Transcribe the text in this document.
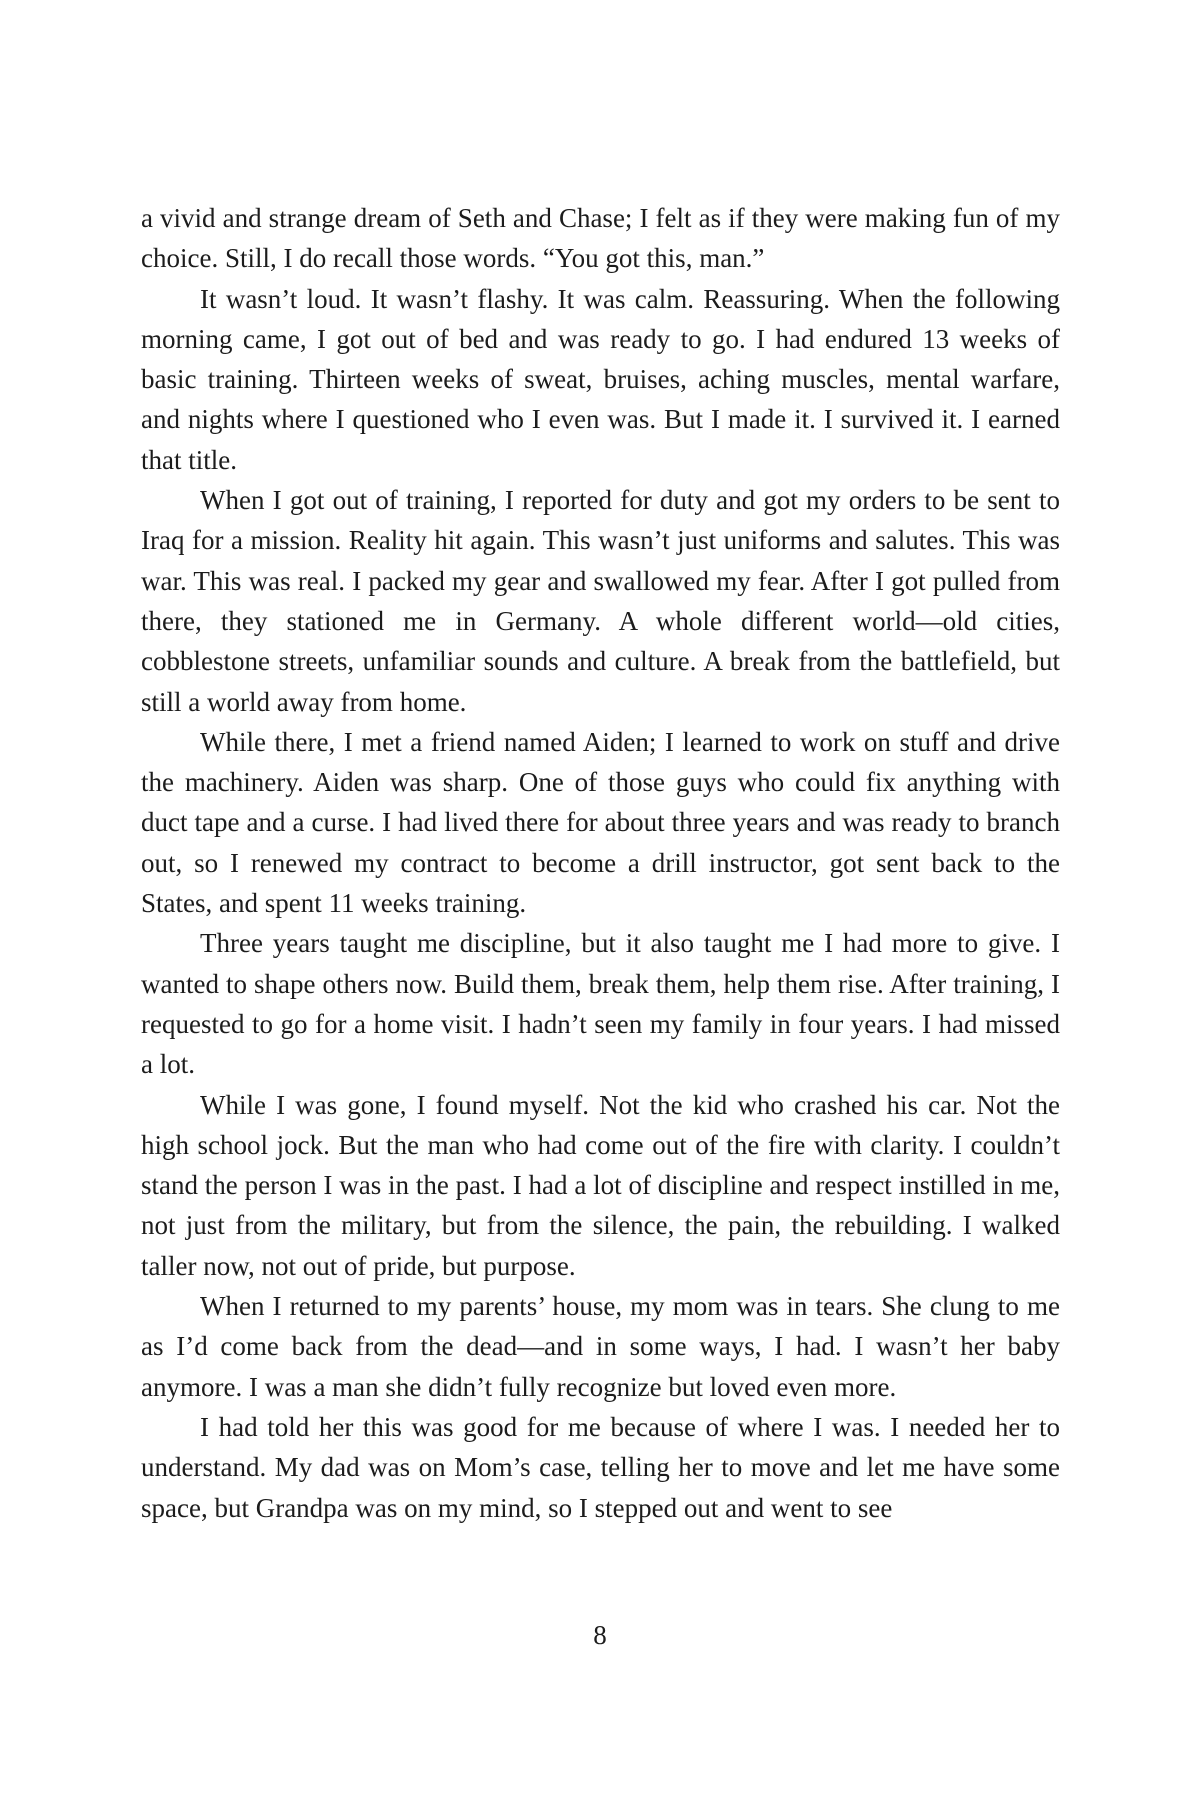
a vivid and strange dream of Seth and Chase; I felt as if they were making fun of my choice. Still, I do recall those words. “You got this, man.”

It wasn’t loud. It wasn’t flashy. It was calm. Reassuring. When the following morning came, I got out of bed and was ready to go. I had endured 13 weeks of basic training. Thirteen weeks of sweat, bruises, aching muscles, mental warfare, and nights where I questioned who I even was. But I made it. I survived it. I earned that title.

When I got out of training, I reported for duty and got my orders to be sent to Iraq for a mission. Reality hit again. This wasn’t just uniforms and salutes. This was war. This was real. I packed my gear and swallowed my fear. After I got pulled from there, they stationed me in Germany. A whole different world—old cities, cobblestone streets, unfamiliar sounds and culture. A break from the battlefield, but still a world away from home.

While there, I met a friend named Aiden; I learned to work on stuff and drive the machinery. Aiden was sharp. One of those guys who could fix anything with duct tape and a curse. I had lived there for about three years and was ready to branch out, so I renewed my contract to become a drill instructor, got sent back to the States, and spent 11 weeks training.

Three years taught me discipline, but it also taught me I had more to give. I wanted to shape others now. Build them, break them, help them rise. After training, I requested to go for a home visit. I hadn’t seen my family in four years. I had missed a lot.

While I was gone, I found myself. Not the kid who crashed his car. Not the high school jock. But the man who had come out of the fire with clarity. I couldn’t stand the person I was in the past. I had a lot of discipline and respect instilled in me, not just from the military, but from the silence, the pain, the rebuilding. I walked taller now, not out of pride, but purpose.

When I returned to my parents’ house, my mom was in tears. She clung to me as I’d come back from the dead—and in some ways, I had. I wasn’t her baby anymore. I was a man she didn’t fully recognize but loved even more.

I had told her this was good for me because of where I was. I needed her to understand. My dad was on Mom’s case, telling her to move and let me have some space, but Grandpa was on my mind, so I stepped out and went to see

8
